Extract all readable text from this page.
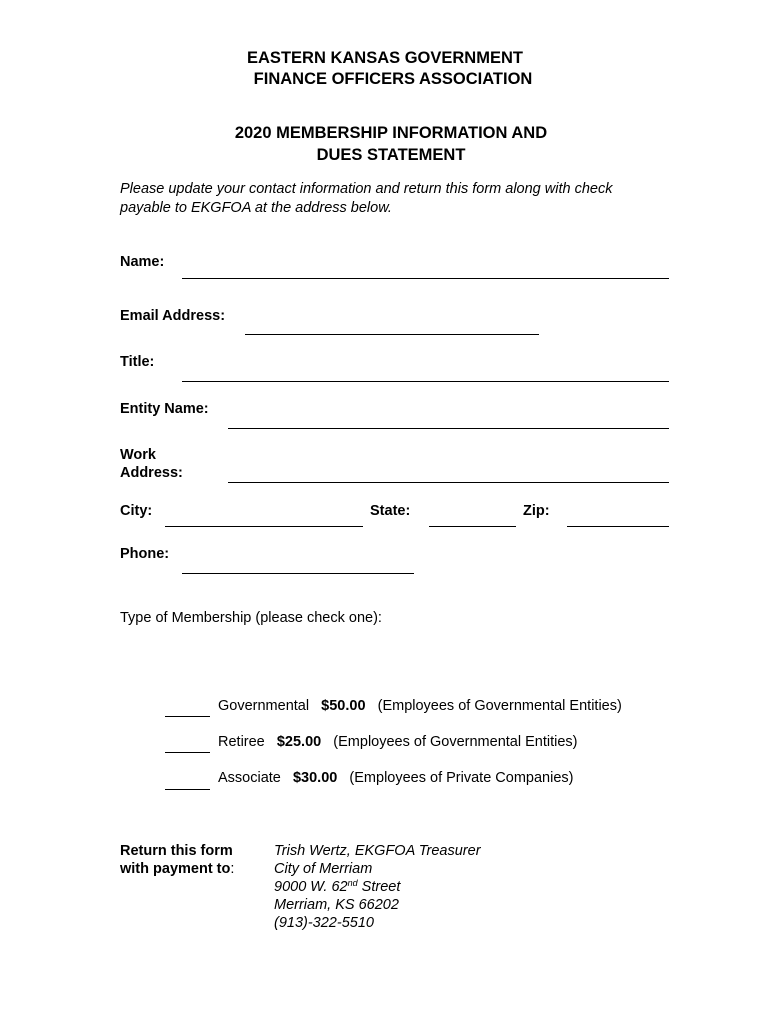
EASTERN KANSAS GOVERNMENT
FINANCE OFFICERS ASSOCIATION
2020 MEMBERSHIP INFORMATION AND
DUES STATEMENT
Please update your contact information and return this form along with check
payable to EKGFOA at the address below.
Name:
Email Address:
Title:
Entity Name:
Work
Address:
City:	State:	Zip:
Phone:
Type of Membership (please check one):
Governmental $50.00 (Employees of Governmental Entities)
Retiree $25.00 (Employees of Governmental Entities)
Associate $30.00 (Employees of Private Companies)
Return this form
with payment to:
Trish Wertz, EKGFOA Treasurer
City of Merriam
9000 W. 62nd Street
Merriam, KS 66202
(913)-322-5510
